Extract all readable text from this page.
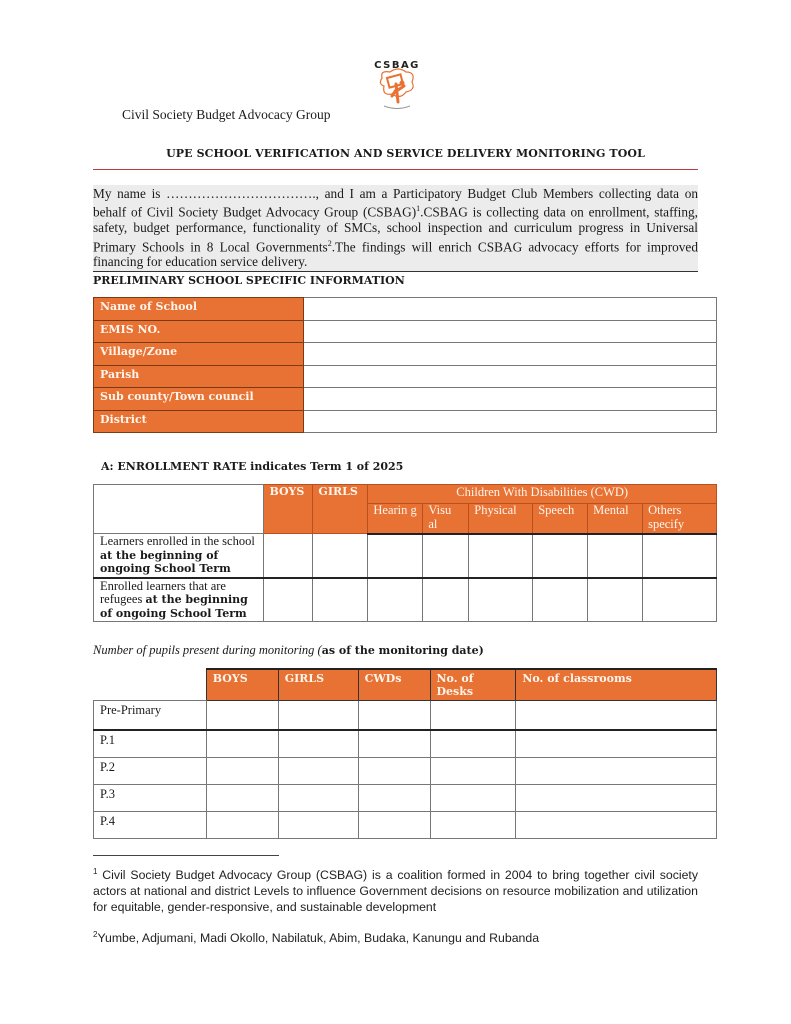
CSBAG
Civil Society Budget Advocacy Group
UPE SCHOOL VERIFICATION AND SERVICE DELIVERY MONITORING TOOL
My name is ……………………………., and I am a Participatory Budget Club Members collecting data on behalf of Civil Society Budget Advocacy Group (CSBAG)$^1$.CSBAG is collecting data on enrollment, staffing, safety, budget performance, functionality of SMCs, school inspection and curriculum progress in Universal Primary Schools in 8 Local Governments$^2$.The findings will enrich CSBAG advocacy efforts for improved financing for education service delivery.
PRELIMINARY SCHOOL SPECIFIC INFORMATION
Name of School	
EMIS NO.	
Village/Zone	
Parish	
Sub county/Town council	
District	
A: ENROLLMENT RATE indicates Term 1 of 2025
	BOYS	GIRLS	Children With Disabilities (CWD)					
			Hearin g	Visu al	Physical	Speech	Mental	Others specify
Learners enrolled in the school at the beginning of ongoing School Term								
Enrolled learners that are refugees at the beginning of ongoing School Term								
Number of pupils present during monitoring (as of the monitoring date)
	BOYS	GIRLS	CWDs	No. of Desks	No. of classrooms
Pre-Primary					
P.1					
P.2					
P.3					
P.4					
$^1$ Civil Society Budget Advocacy Group (CSBAG) is a coalition formed in 2004 to bring together civil society actors at national and district Levels to influence Government decisions on resource mobilization and utilization for equitable, gender-responsive, and sustainable development
$^2$Yumbe, Adjumani, Madi Okollo, Nabilatuk, Abim, Budaka, Kanungu and Rubanda
